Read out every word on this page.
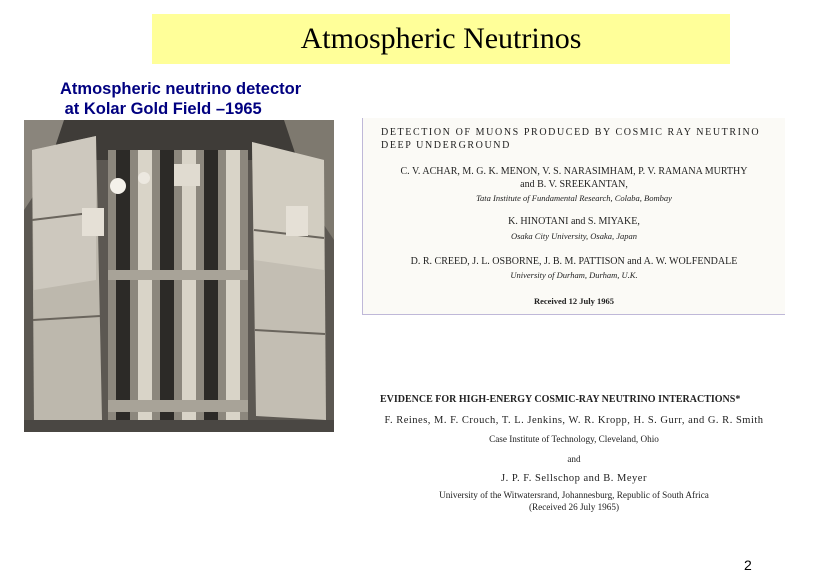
Atmospheric Neutrinos
Atmospheric neutrino detector
at Kolar Gold Field –1965
DETECTION OF MUONS PRODUCED BY COSMIC RAY NEUTRINO
DEEP UNDERGROUND
C. V. ACHAR, M. G. K. MENON, V. S. NARASIMHAM, P. V. RAMANA MURTHY
and B. V. SREEKANTAN,
Tata Institute of Fundamental Research, Colaba, Bombay
K. HINOTANI and S. MIYAKE,
Osaka City University, Osaka, Japan
D. R. CREED, J. L. OSBORNE, J. B. M. PATTISON and A. W. WOLFENDALE
University of Durham, Durham, U.K.
Received 12 July 1965
EVIDENCE FOR HIGH-ENERGY COSMIC-RAY NEUTRINO INTERACTIONS*
F. Reines, M. F. Crouch, T. L. Jenkins, W. R. Kropp, H. S. Gurr, and G. R. Smith
Case Institute of Technology, Cleveland, Ohio
and
J. P. F. Sellschop and B. Meyer
University of the Witwatersrand, Johannesburg, Republic of South Africa
(Received 26 July 1965)
2
